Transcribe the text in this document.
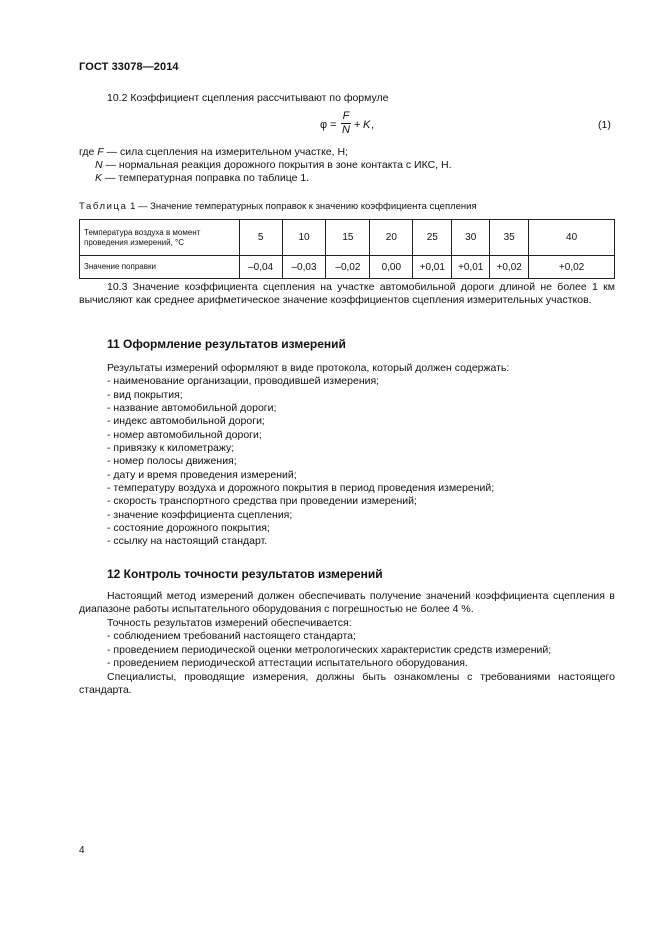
ГОСТ 33078—2014
10.2 Коэффициент сцепления рассчитывают по формуле
φ =
F
N + K ,	(1)
где F — сила сцепления на измерительном участке, Н;
N — нормальная реакция дорожного покрытия в зоне контакта с ИКС, Н.
K — температурная поправка по таблице 1.
Таблица 1 — Значение температурных поправок к значению коэффициента сцепления
Температура воздуха в момент проведения измерений, °С	5	10	15	20	25	30	35	40
Значение поправки	–0,04	–0,03	–0,02	0,00	+0,01	+0,01	+0,02	+0,02
10.3 Значение коэффициента сцепления на участке автомобильной дороги длиной не более 1 км вычисляют как среднее арифметическое значение коэффициентов сцепления измерительных участков.
11 Оформление результатов измерений
Результаты измерений оформляют в виде протокола, который должен содержать:
- наименование организации, проводившей измерения;
- вид покрытия;
- название автомобильной дороги;
- индекс автомобильной дороги;
- номер автомобильной дороги;
- привязку к километражу;
- номер полосы движения;
- дату и время проведения измерений;
- температуру воздуха и дорожного покрытия в период проведения измерений;
- скорость транспортного средства при проведении измерений;
- значение коэффициента сцепления;
- состояние дорожного покрытия;
- ссылку на настоящий стандарт.
12 Контроль точности результатов измерений
Настоящий метод измерений должен обеспечивать получение значений коэффициента сцепления в диапазоне работы испытательного оборудования с погрешностью не более 4 %.
Точность результатов измерений обеспечивается:
- соблюдением требований настоящего стандарта;
- проведением периодической оценки метрологических характеристик средств измерений;
- проведением периодической аттестации испытательного оборудования.
Специалисты, проводящие измерения, должны быть ознакомлены с требованиями настоящего стандарта.
4
